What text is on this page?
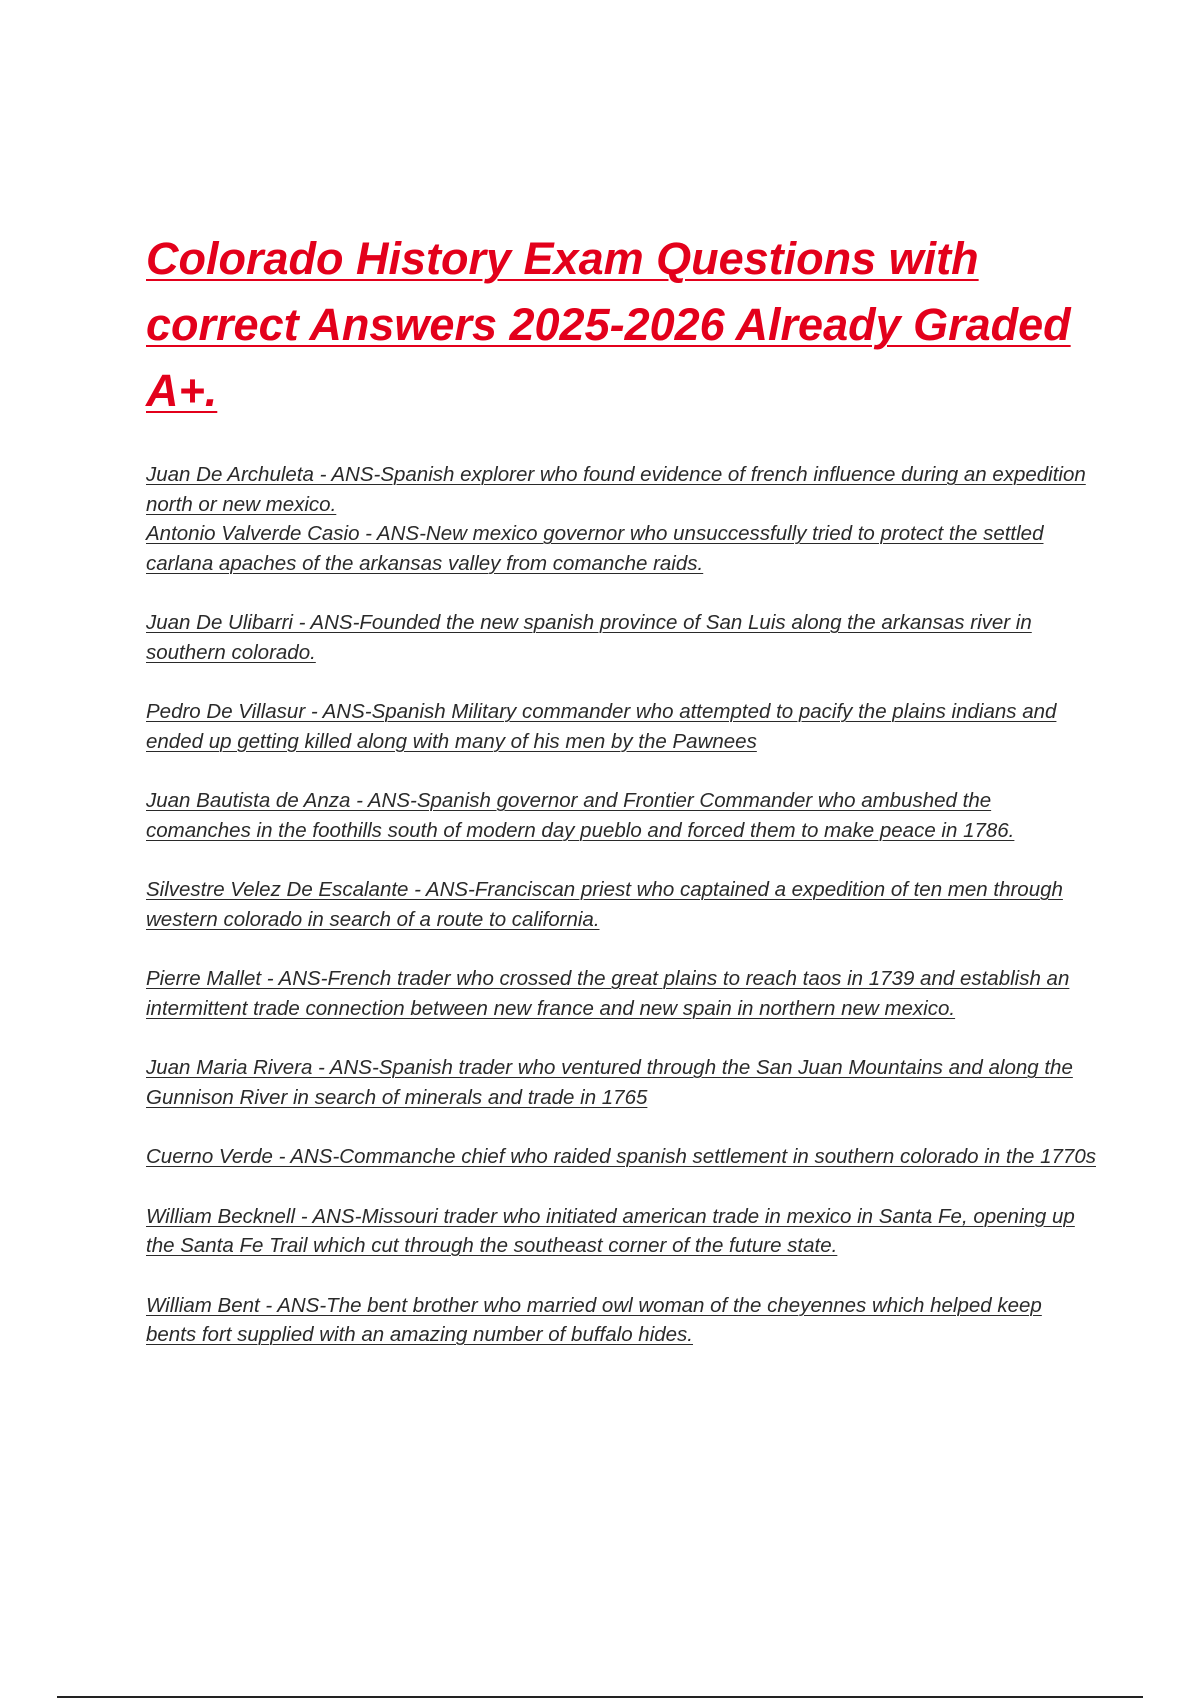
Colorado History Exam Questions with correct Answers 2025-2026 Already Graded A+.

Juan De Archuleta - ANS-Spanish explorer who found evidence of french influence during an expedition north or new mexico.

Antonio Valverde Casio - ANS-New mexico governor who unsuccessfully tried to protect the settled carlana apaches of the arkansas valley from comanche raids.

Juan De Ulibarri - ANS-Founded the new spanish province of San Luis along the arkansas river in southern colorado.

Pedro De Villasur - ANS-Spanish Military commander who attempted to pacify the plains indians and ended up getting killed along with many of his men by the Pawnees

Juan Bautista de Anza - ANS-Spanish governor and Frontier Commander who ambushed the comanches in the foothills south of modern day pueblo and forced them to make peace in 1786.

Silvestre Velez De Escalante - ANS-Franciscan priest who captained a expedition of ten men through western colorado in search of a route to california.

Pierre Mallet - ANS-French trader who crossed the great plains to reach taos in 1739 and establish an intermittent trade connection between new france and new spain in northern new mexico.

Juan Maria Rivera - ANS-Spanish trader who ventured through the San Juan Mountains and along the Gunnison River in search of minerals and trade in 1765

Cuerno Verde - ANS-Commanche chief who raided spanish settlement in southern colorado in the 1770s

William Becknell - ANS-Missouri trader who initiated american trade in mexico in Santa Fe, opening up the Santa Fe Trail which cut through the southeast corner of the future state.

William Bent - ANS-The bent brother who married owl woman of the cheyennes which helped keep bents fort supplied with an amazing number of buffalo hides.
